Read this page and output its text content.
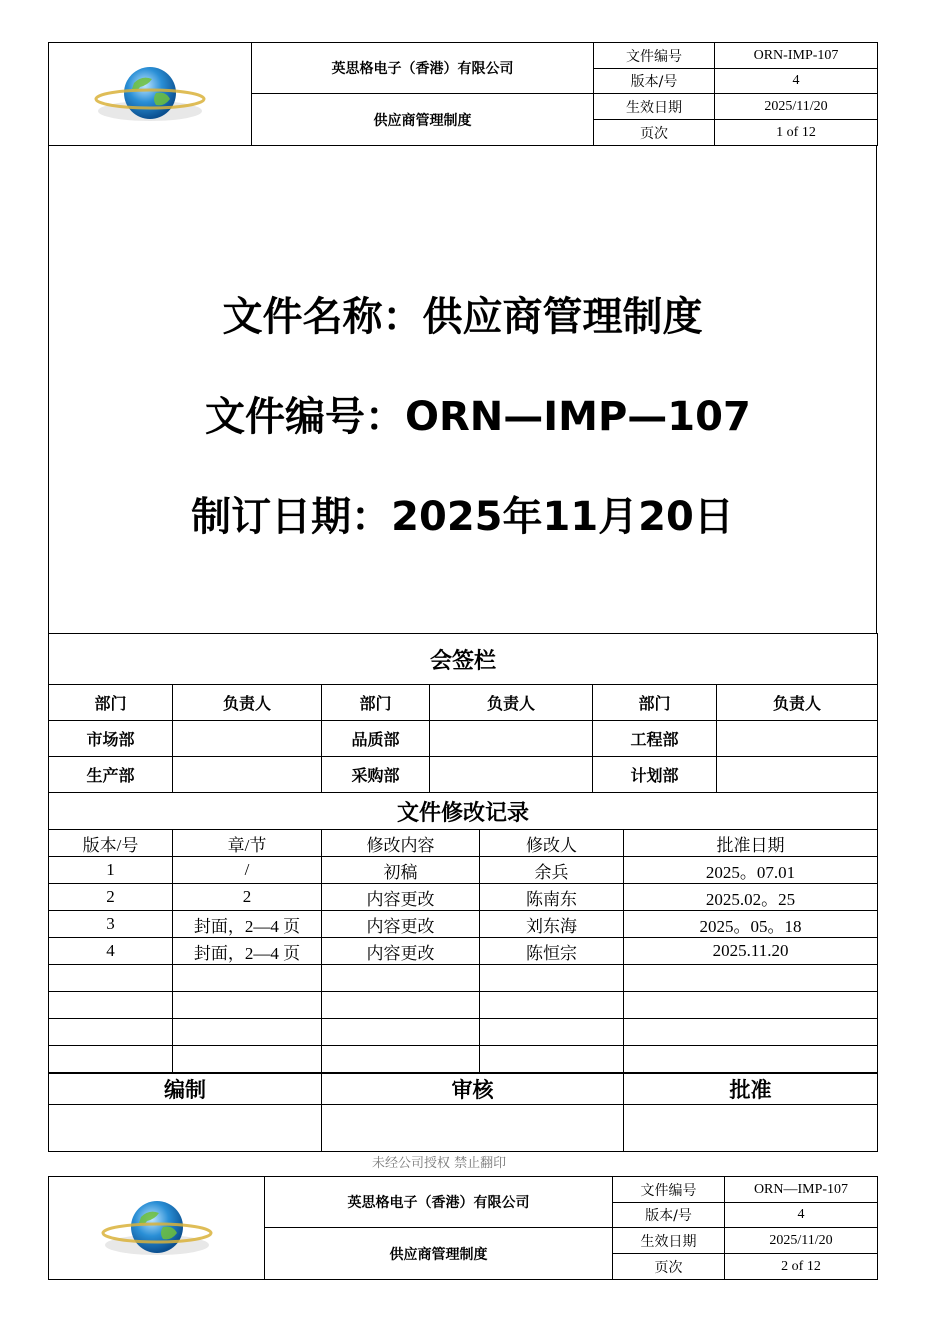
	英思格电子（香港）有限公司	文件编号	ORN-IMP-107
		版本/号	4
	供应商管理制度	生效日期	2025/11/20
		页次	1 of 12
文件名称：供应商管理制度
文件编号：ORN—IMP—107
制订日期：2025年11月20日
会签栏					
部门	负责人	部门	负责人	部门	负责人
市场部		品质部		工程部	
生产部		采购部		计划部	
文件修改记录				
版本/号	章/节	修改内容	修改人	批准日期
1	/	初稿	余兵	2025。07.01
2	2	内容更改	陈南东	2025.02。25
3	封面，2—4 页	内容更改	刘东海	2025。05。18
4	封面，2—4 页	内容更改	陈恒宗	2025.11.20

编制	审核	批准

未经公司授权 禁止翻印
	英思格电子（香港）有限公司	文件编号	ORN—IMP-107
		版本/号	4
	供应商管理制度	生效日期	2025/11/20
		页次	2 of 12
